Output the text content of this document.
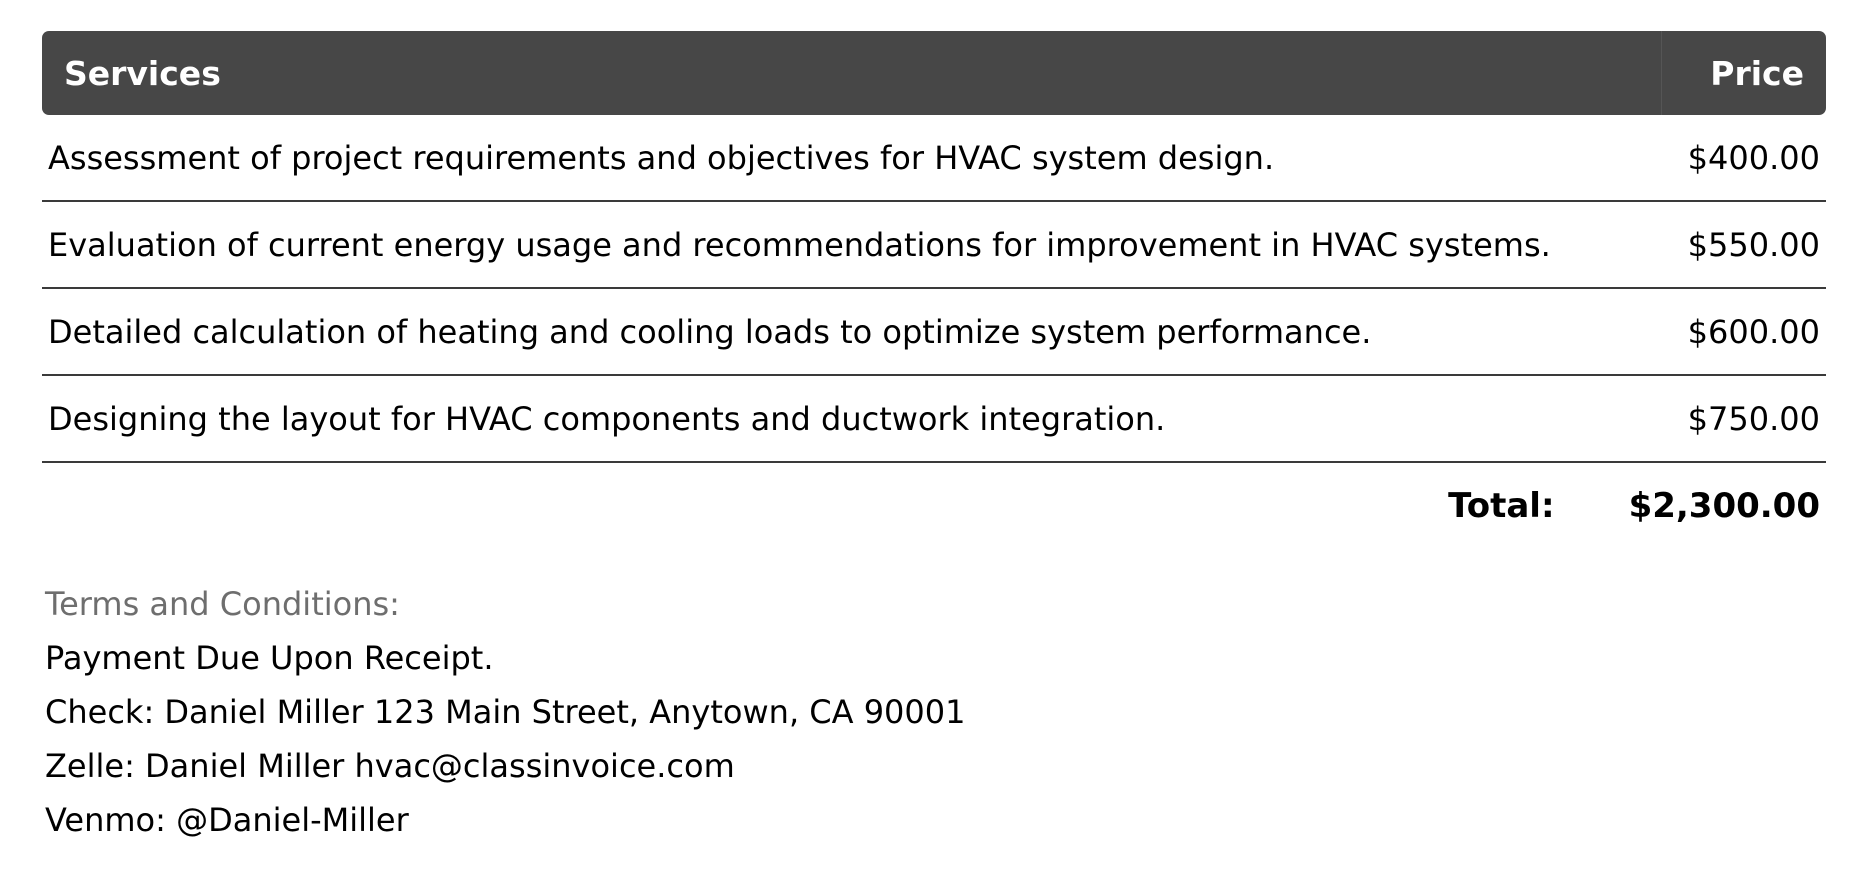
Services	Price
Assessment of project requirements and objectives for HVAC system design.	$400.00
Evaluation of current energy usage and recommendations for improvement in HVAC systems.	$550.00
Detailed calculation of heating and cooling loads to optimize system performance.	$600.00
Designing the layout for HVAC components and ductwork integration.	$750.00
Total: $2,300.00
Terms and Conditions:
Payment Due Upon Receipt.
Check: Daniel Miller 123 Main Street, Anytown, CA 90001
Zelle: Daniel Miller hvac@classinvoice.com
Venmo: @Daniel-Miller
